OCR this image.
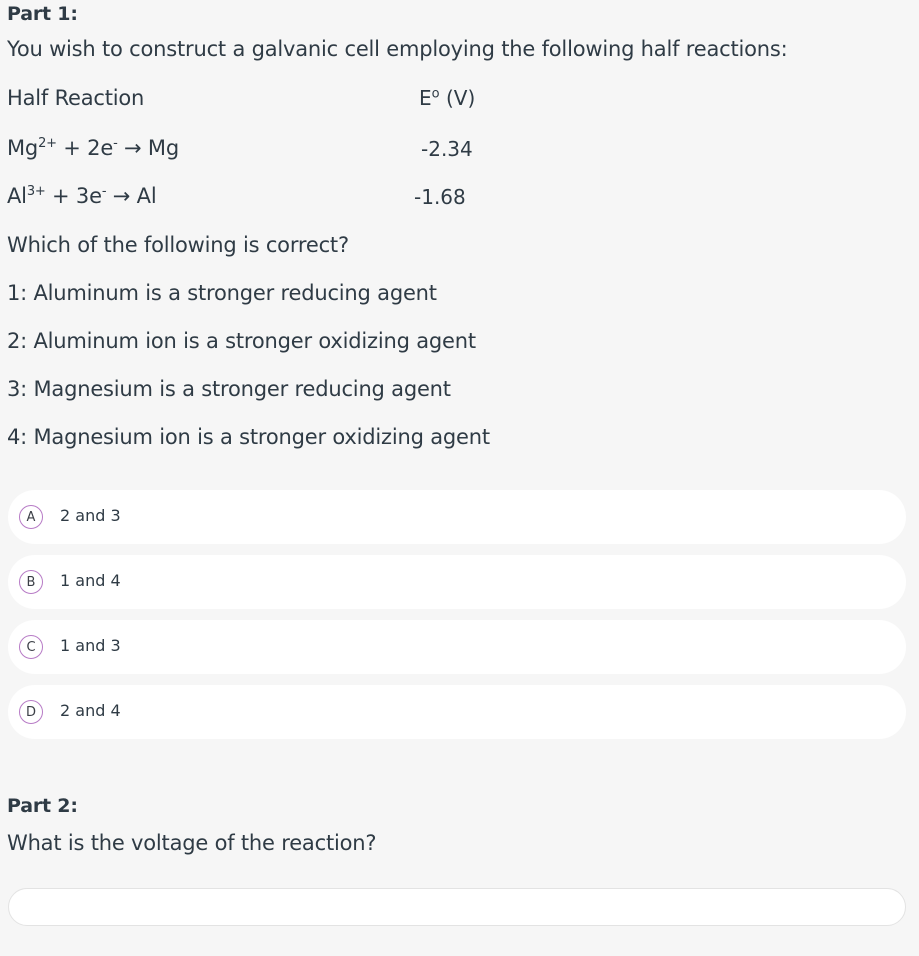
Part 1:
You wish to construct a galvanic cell employing the following half reactions:
Half Reaction	$E^o$ (V)
$Mg^{2+} + 2e^- \to Mg$	-2.34
$Al^{3+} + 3e^- \to Al$	-1.68
Which of the following is correct?
1: Aluminum is a stronger reducing agent
2: Aluminum ion is a stronger oxidizing agent
3: Magnesium is a stronger reducing agent
4: Magnesium ion is a stronger oxidizing agent
A	2 and 3
B	1 and 4
C	1 and 3
D	2 and 4
Part 2:
What is the voltage of the reaction?
